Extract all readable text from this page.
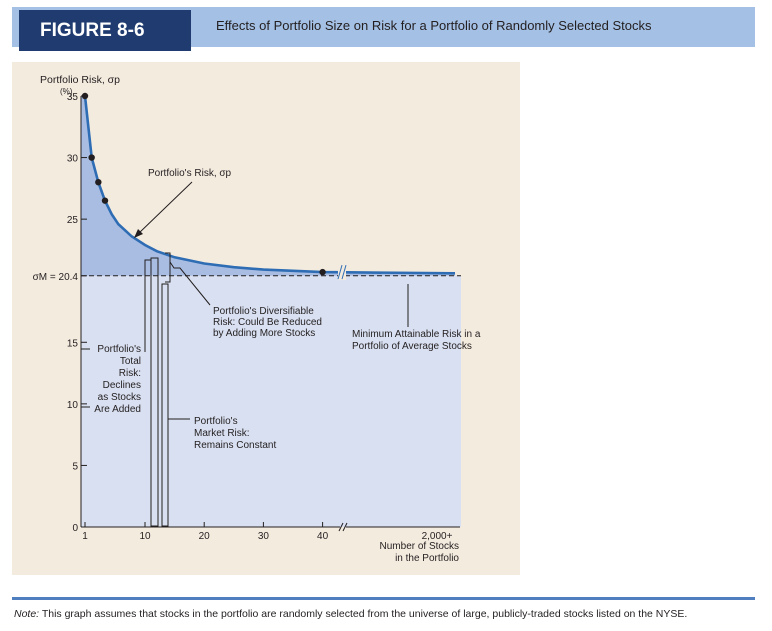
FIGURE 8-6	Effects of Portfolio Size on Risk for a Portfolio of Randomly Selected Stocks
0
5
10
15
σM = 20.4
25
30
35
1	10	20	30	40	2,000+
Portfolio Risk, σp
(%)
Number of Stocks
in the Portfolio
Portfolio's Risk, σp
Portfolio's Diversifiable
Risk: Could Be Reduced
by Adding More Stocks	Minimum Attainable Risk in a
Portfolio of Average Stocks
Portfolio's
Total
Risk:
Declines
as Stocks
Are Added
Portfolio's
Market Risk:
Remains Constant
Note: This graph assumes that stocks in the portfolio are randomly selected from the universe of large, publicly-traded stocks listed on the NYSE.
